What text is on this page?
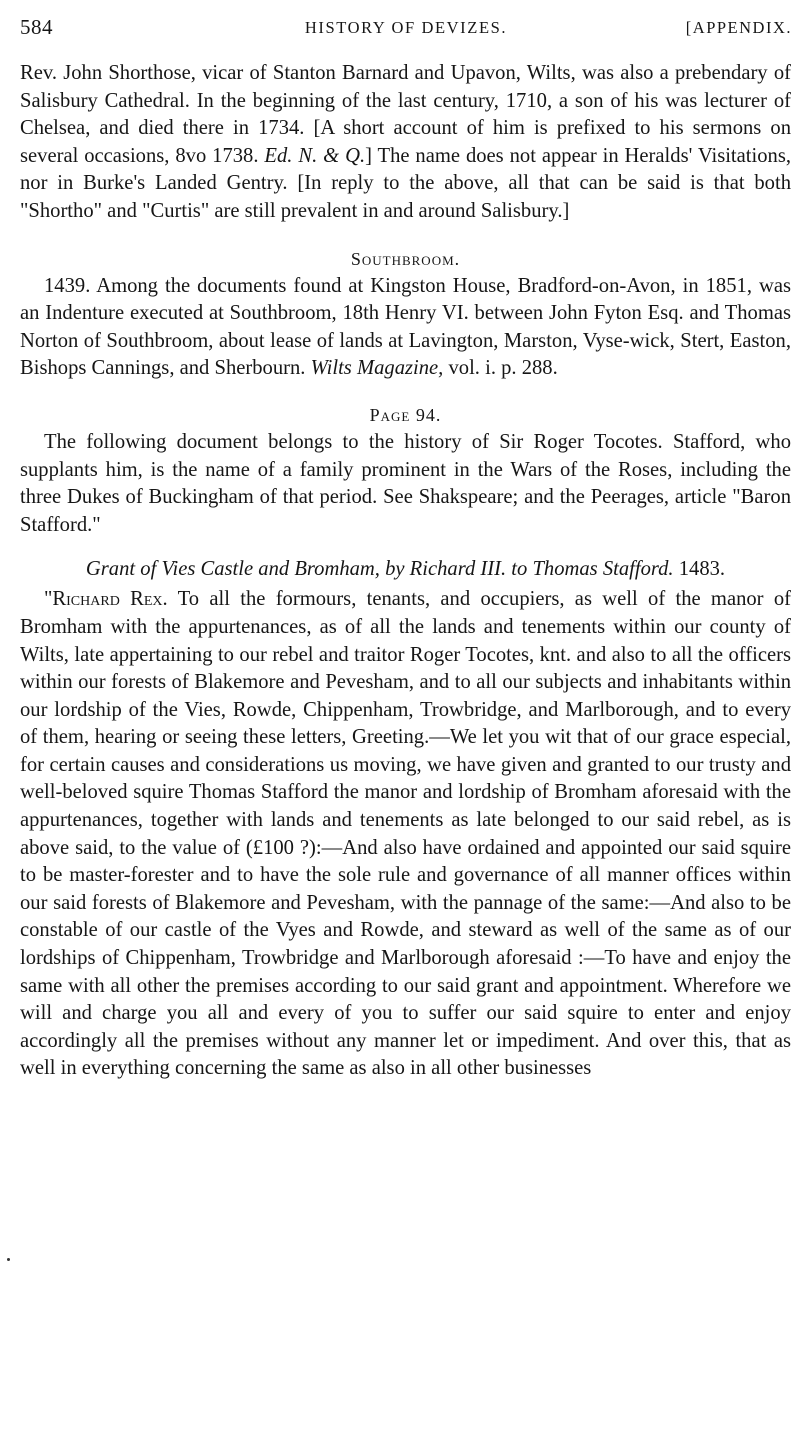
584	HISTORY OF DEVIZES.	[APPENDIX.

Rev. John Shorthose, vicar of Stanton Barnard and Upavon, Wilts, was also a prebendary of Salisbury Cathedral. In the beginning of the last century, 1710, a son of his was lecturer of Chelsea, and died there in 1734. [A short account of him is prefixed to his sermons on several occasions, 8vo 1738. Ed. N. & Q.] The name does not appear in Heralds' Visitations, nor in Burke's Landed Gentry. [In reply to the above, all that can be said is that both "Shortho" and "Curtis" are still prevalent in and around Salisbury.]

Southbroom.

1439. Among the documents found at Kingston House, Bradford-on-Avon, in 1851, was an Indenture executed at Southbroom, 18th Henry VI. between John Fyton Esq. and Thomas Norton of Southbroom, about lease of lands at Lavington, Marston, Vyse-wick, Stert, Easton, Bishops Cannings, and Sherbourn. Wilts Magazine, vol. i. p. 288.

Page 94.

The following document belongs to the history of Sir Roger Tocotes. Stafford, who supplants him, is the name of a family prominent in the Wars of the Roses, including the three Dukes of Buckingham of that period. See Shakspeare; and the Peerages, article "Baron Stafford."

Grant of Vies Castle and Bromham, by Richard III. to Thomas Stafford. 1483.

"Richard Rex. To all the formours, tenants, and occupiers, as well of the manor of Bromham with the appurtenances, as of all the lands and tenements within our county of Wilts, late appertaining to our rebel and traitor Roger Tocotes, knt. and also to all the officers within our forests of Blakemore and Pevesham, and to all our subjects and inhabitants within our lordship of the Vies, Rowde, Chippenham, Trowbridge, and Marlborough, and to every of them, hearing or seeing these letters, Greeting.—We let you wit that of our grace especial, for certain causes and considerations us moving, we have given and granted to our trusty and well-beloved squire Thomas Stafford the manor and lordship of Bromham aforesaid with the appurtenances, together with lands and tenements as late belonged to our said rebel, as is above said, to the value of (£100 ?):—And also have ordained and appointed our said squire to be master-forester and to have the sole rule and governance of all manner offices within our said forests of Blakemore and Pevesham, with the pannage of the same:—And also to be constable of our castle of the Vyes and Rowde, and steward as well of the same as of our lordships of Chippenham, Trowbridge and Marlborough aforesaid :—To have and enjoy the same with all other the premises according to our said grant and appointment. Wherefore we will and charge you all and every of you to suffer our said squire to enter and enjoy accordingly all the premises without any manner let or impediment. And over this, that as well in everything concerning the same as also in all other businesses
